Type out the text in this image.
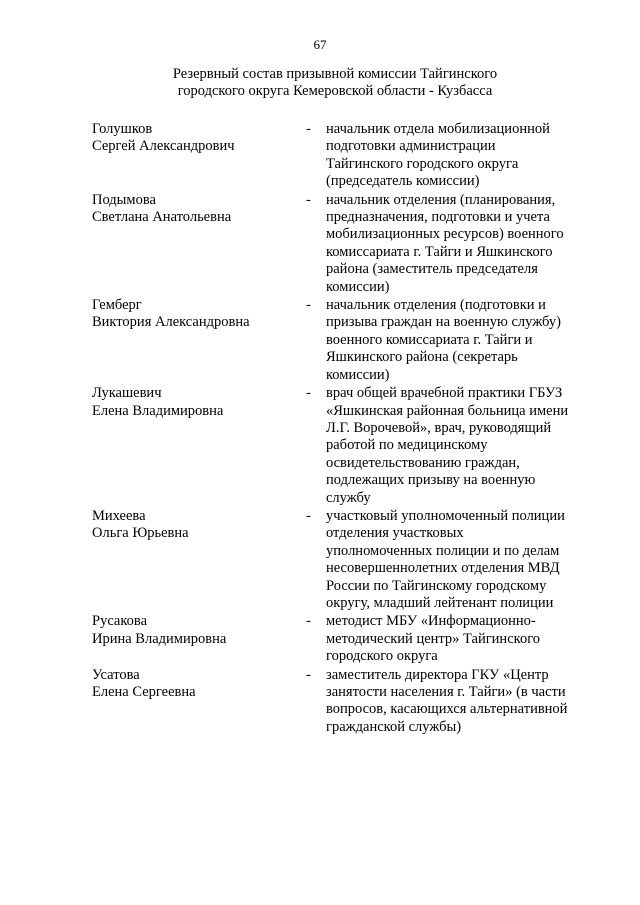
67
Резервный состав призывной комиссии Тайгинского
городского округа Кемеровской области - Кузбасса
Голушков
Сергей Александрович
-	начальник отдела мобилизационной
подготовки администрации
Тайгинского городского округа
(председатель комиссии)
Подымова
Светлана Анатольевна
-	начальник отделения (планирования,
предназначения, подготовки и учета
мобилизационных ресурсов) военного
комиссариата г. Тайги и Яшкинского
района (заместитель председателя
комиссии)
Гемберг
Виктория Александровна
-	начальник отделения (подготовки и
призыва граждан на военную службу)
военного комиссариата г. Тайги и
Яшкинского района (секретарь
комиссии)
Лукашевич
Елена Владимировна
-	врач общей врачебной практики ГБУЗ
«Яшкинская районная больница имени
Л.Г. Ворочевой», врач, руководящий
работой по медицинскому
освидетельствованию граждан,
подлежащих призыву на военную
службу
Михеева
Ольга Юрьевна
-	участковый уполномоченный полиции
отделения участковых
уполномоченных полиции и по делам
несовершеннолетних отделения МВД
России по Тайгинскому городскому
округу, младший лейтенант полиции
Русакова
Ирина Владимировна
-	методист МБУ «Информационно-
методический центр» Тайгинского
городского округа
Усатова
Елена Сергеевна
-	заместитель директора ГКУ «Центр
занятости населения г. Тайги» (в части
вопросов, касающихся альтернативной
гражданской службы)
